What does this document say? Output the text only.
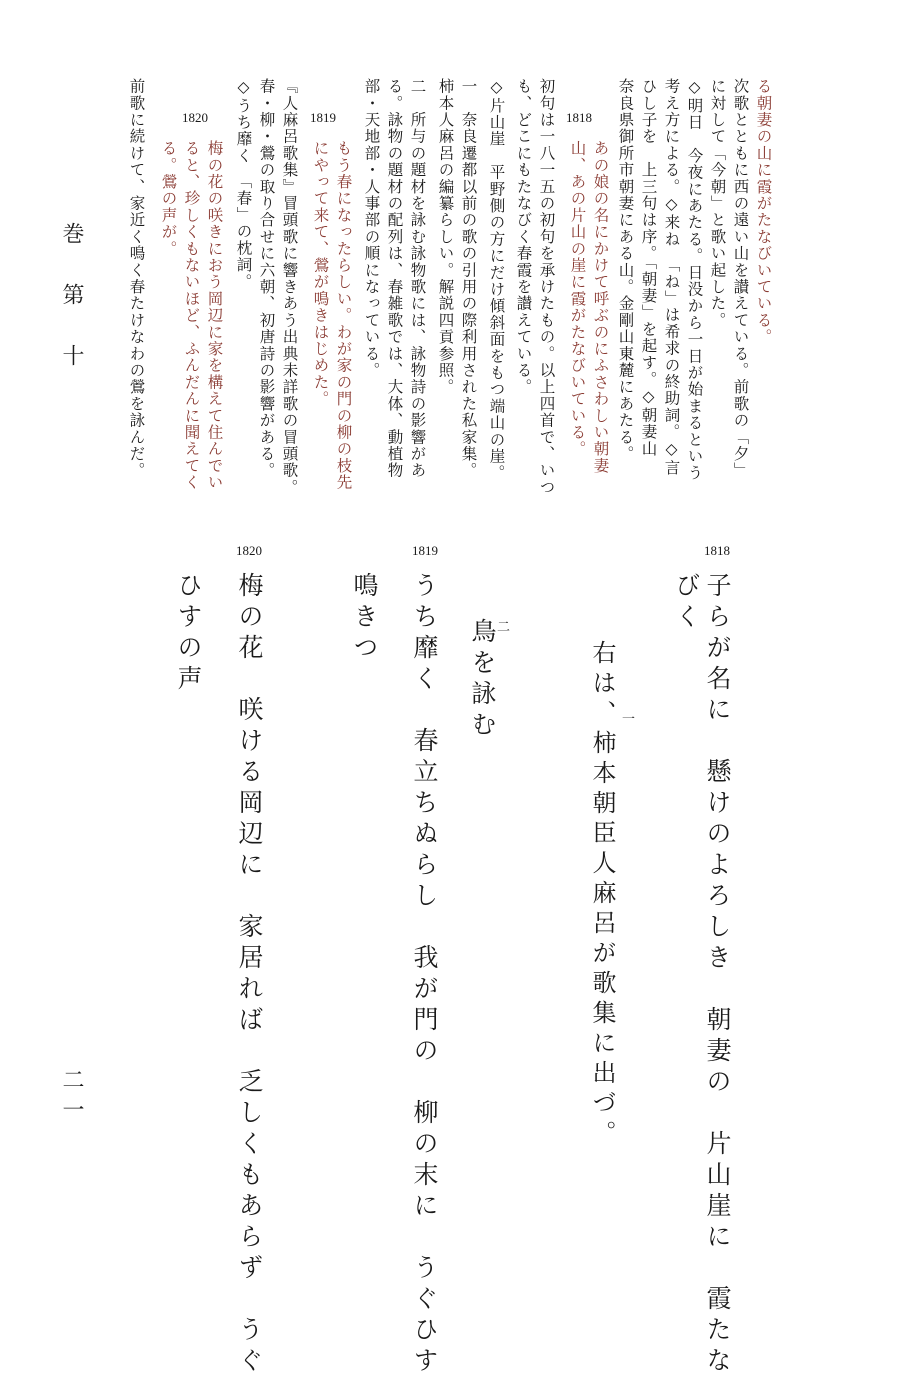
る朝妻の山に霞がたなびいている。
次歌とともに西の遠い山を讃えている。前歌の「夕」
に対して「今朝」と歌い起した。
◇明日　今夜にあたる。日没から一日が始まるという
考え方による。◇来ね　「ね」は希求の終助詞。◇言
ひし子を　上三句は序。「朝妻」を起す。◇朝妻山
奈良県御所市朝妻にある山。金剛山東麓にあたる。
1818
あの娘の名にかけて呼ぶのにふさわしい朝妻
山、あの片山の崖に霞がたなびいている。
初句は一八一五の初句を承けたもの。以上四首で、いつ
も、どこにもたなびく春霞を讃えている。
◇片山崖　平野側の方にだけ傾斜面をもつ端山の崖。
一　奈良遷都以前の歌の引用の際利用された私家集。
柿本人麻呂の編纂らしい。解説四貢参照。
二　所与の題材を詠む詠物歌には、詠物詩の影響があ
る。詠物の題材の配列は、春雑歌では、大体、動植物
部・天地部・人事部の順になっている。
1819
もう春になったらしい。わが家の門の柳の枝先
にやって来て、鶯が鳴きはじめた。
『人麻呂歌集』冒頭歌に響きあう出典未詳歌の冒頭歌。
春・柳・鶯の取り合せに六朝、初唐詩の影響がある。
◇うち靡く　「春」の枕詞。
1820
梅の花の咲きにおう岡辺に家を構えて住んでい
ると、珍しくもないほど、ふんだんに聞えてく
る。鶯の声が。
前歌に続けて、家近く鳴く春たけなわの鶯を詠んだ。
巻 第 十
二一
1818
子らが名に　懸けのよろしき　朝妻の　片山崖に　霞たな
びく
一
右は、柿本朝臣人麻呂が歌集に出づ。
二
鳥を詠む
1819
うち靡く　春立ちぬらし　我が門の　柳の末に　うぐひす
鳴きつ
1820
梅の花　咲ける岡辺に　家居れば　乏しくもあらず　うぐ
ひすの声
